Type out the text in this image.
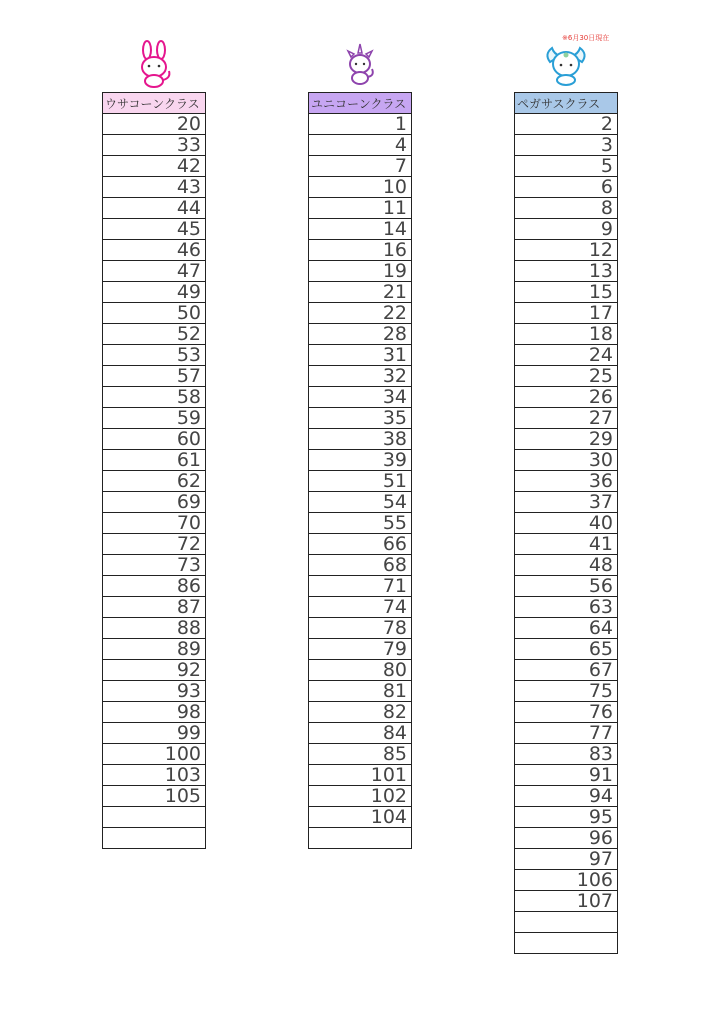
※6月30日現在
ウサコーンクラス
20
33
42
43
44
45
46
47
49
50
52
53
57
58
59
60
61
62
69
70
72
73
86
87
88
89
92
93
98
99
100
103
105

ユニコーンクラス
1
4
7
10
11
14
16
19
21
22
28
31
32
34
35
38
39
51
54
55
66
68
71
74
78
79
80
81
82
84
85
101
102
104

ペガサスクラス
2
3
5
6
8
9
12
13
15
17
18
24
25
26
27
29
30
36
37
40
41
48
56
63
64
65
67
75
76
77
83
91
94
95
96
97
106
107
